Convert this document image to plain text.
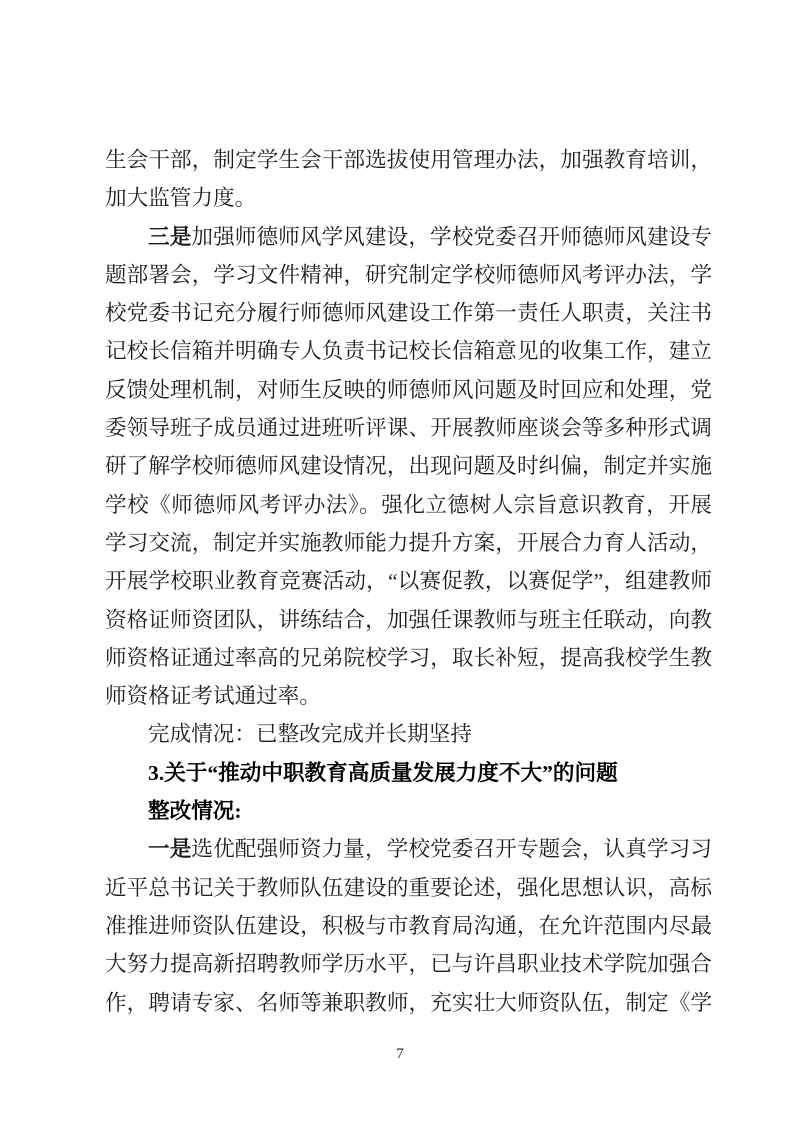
生会干部，制定学生会干部选拔使用管理办法，加强教育培训，
加大监管力度。
三是加强师德师风学风建设，学校党委召开师德师风建设专
题部署会，学习文件精神，研究制定学校师德师风考评办法，学
校党委书记充分履行师德师风建设工作第一责任人职责，关注书
记校长信箱并明确专人负责书记校长信箱意见的收集工作，建立
反馈处理机制，对师生反映的师德师风问题及时回应和处理，党
委领导班子成员通过进班听评课、开展教师座谈会等多种形式调
研了解学校师德师风建设情况，出现问题及时纠偏，制定并实施
学校《师德师风考评办法》。强化立德树人宗旨意识教育，开展
学习交流，制定并实施教师能力提升方案，开展合力育人活动，
开展学校职业教育竞赛活动，“以赛促教，以赛促学”，组建教师
资格证师资团队，讲练结合，加强任课教师与班主任联动，向教
师资格证通过率高的兄弟院校学习，取长补短，提高我校学生教
师资格证考试通过率。
完成情况：已整改完成并长期坚持
3.关于“推动中职教育高质量发展力度不大”的问题
整改情况:
一是选优配强师资力量，学校党委召开专题会，认真学习习
近平总书记关于教师队伍建设的重要论述，强化思想认识，高标
准推进师资队伍建设，积极与市教育局沟通，在允许范围内尽最
大努力提高新招聘教师学历水平，已与许昌职业技术学院加强合
作，聘请专家、名师等兼职教师，充实壮大师资队伍，制定《学
7
